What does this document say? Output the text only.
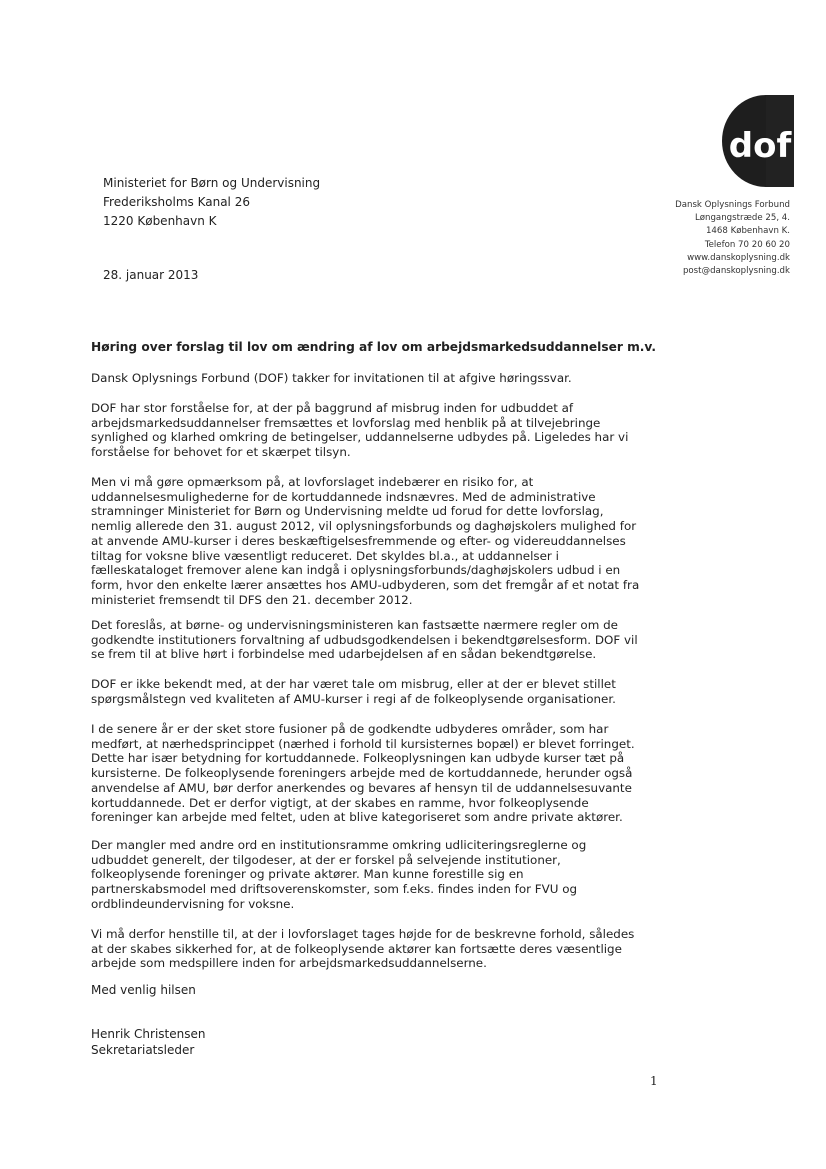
dof
Dansk Oplysnings Forbund
Løngangstræde 25, 4.
1468 København K.
Telefon 70 20 60 20
www.danskoplysning.dk
post@danskoplysning.dk
Ministeriet for Børn og Undervisning
Frederiksholms Kanal 26
1220 København K
28. januar 2013
Høring over forslag til lov om ændring af lov om arbejdsmarkedsuddannelser m.v.
Dansk Oplysnings Forbund (DOF) takker for invitationen til at afgive høringssvar.
DOF har stor forståelse for, at der på baggrund af misbrug inden for udbuddet af
arbejdsmarkedsuddannelser fremsættes et lovforslag med henblik på at tilvejebringe
synlighed og klarhed omkring de betingelser, uddannelserne udbydes på. Ligeledes har vi
forståelse for behovet for et skærpet tilsyn.
Men vi må gøre opmærksom på, at lovforslaget indebærer en risiko for, at
uddannelsesmulighederne for de kortuddannede indsnævres. Med de administrative
stramninger Ministeriet for Børn og Undervisning meldte ud forud for dette lovforslag,
nemlig allerede den 31. august 2012, vil oplysningsforbunds og daghøjskolers mulighed for
at anvende AMU-kurser i deres beskæftigelsesfremmende og efter- og videreuddannelses
tiltag for voksne blive væsentligt reduceret. Det skyldes bl.a., at uddannelser i
fælleskataloget fremover alene kan indgå i oplysningsforbunds/daghøjskolers udbud i en
form, hvor den enkelte lærer ansættes hos AMU-udbyderen, som det fremgår af et notat fra
ministeriet fremsendt til DFS den 21. december 2012.
Det foreslås, at børne- og undervisningsministeren kan fastsætte nærmere regler om de
godkendte institutioners forvaltning af udbudsgodkendelsen i bekendtgørelsesform. DOF vil
se frem til at blive hørt i forbindelse med udarbejdelsen af en sådan bekendtgørelse.
DOF er ikke bekendt med, at der har været tale om misbrug, eller at der er blevet stillet
spørgsmålstegn ved kvaliteten af AMU-kurser i regi af de folkeoplysende organisationer.
I de senere år er der sket store fusioner på de godkendte udbyderes områder, som har
medført, at nærhedsprincippet (nærhed i forhold til kursisternes bopæl) er blevet forringet.
Dette har især betydning for kortuddannede. Folkeoplysningen kan udbyde kurser tæt på
kursisterne. De folkeoplysende foreningers arbejde med de kortuddannede, herunder også
anvendelse af AMU, bør derfor anerkendes og bevares af hensyn til de uddannelsesuvante
kortuddannede. Det er derfor vigtigt, at der skabes en ramme, hvor folkeoplysende
foreninger kan arbejde med feltet, uden at blive kategoriseret som andre private aktører.
Der mangler med andre ord en institutionsramme omkring udliciteringsreglerne og
udbuddet generelt, der tilgodeser, at der er forskel på selvejende institutioner,
folkeoplysende foreninger og private aktører. Man kunne forestille sig en
partnerskabsmodel med driftsoverenskomster, som f.eks. findes inden for FVU og
ordblindeundervisning for voksne.
Vi må derfor henstille til, at der i lovforslaget tages højde for de beskrevne forhold, således
at der skabes sikkerhed for, at de folkeoplysende aktører kan fortsætte deres væsentlige
arbejde som medspillere inden for arbejdsmarkedsuddannelserne.
Med venlig hilsen
Henrik Christensen
Sekretariatsleder
1
